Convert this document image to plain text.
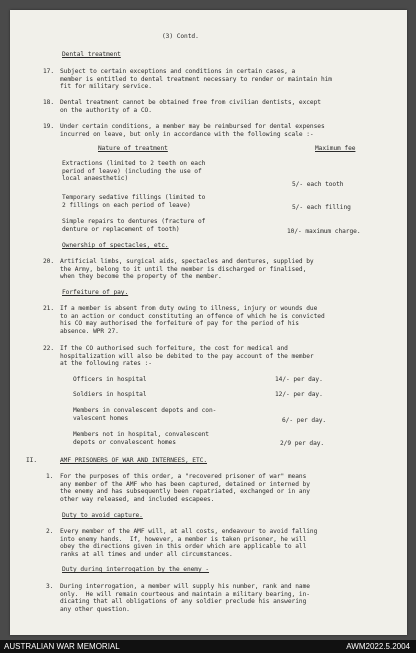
(3) Contd.
Dental treatment
17. Subject to certain exceptions and conditions in certain cases, a
member is entitled to dental treatment necessary to render or maintain him
fit for military service.
18. Dental treatment cannot be obtained free from civilian dentists, except
on the authority of a CO.
19. Under certain conditions, a member may be reimbursed for dental expenses
incurred on leave, but only in accordance with the following scale :-
Nature of treatment	Maximum fee
Extractions (limited to 2 teeth on each
period of leave) (including the use of
local anaesthetic)
5/- each tooth
Temporary sedative fillings (limited to
2 fillings on each period of leave)	5/- each filling
Simple repairs to dentures (fracture of
denture or replacement of tooth)	10/- maximum charge.
Ownership of spectacles, etc.
20. Artificial limbs, surgical aids, spectacles and dentures, supplied by
the Army, belong to it until the member is discharged or finalised,
when they become the property of the member.
Forfeiture of pay.
21. If a member is absent from duty owing to illness, injury or wounds due
to an action or conduct constituting an offence of which he is convicted
his CO may authorised the forfeiture of pay for the period of his
absence. WPR 27.
22. If the CO authorised such forfeiture, the cost for medical and
hospitalization will also be debited to the pay account of the member
at the following rates :-
Officers in hospital	14/- per day.
Soldiers in hospital	12/- per day.
Members in convalescent depots and con-
valescent homes	6/- per day.
Members not in hospital, convalescent
depots or convalescent homes	2/9 per day.
II.	AMF PRISONERS OF WAR AND INTERNEES, ETC.
1. For the purposes of this order, a "recovered prisoner of war" means
any member of the AMF who has been captured, detained or interned by
the enemy and has subsequently been repatriated, exchanged or in any
other way released, and included escapees.
Duty to avoid capture.
2. Every member of the AMF will, at all costs, endeavour to avoid falling
into enemy hands.  If, however, a member is taken prisoner, he will
obey the directions given in this order which are applicable to all
ranks at all times and under all circumstances.
Duty during interrogation by the enemy -
3. During interrogation, a member will supply his number, rank and name
only.  He will remain courteous and maintain a military bearing, in-
dicating that all obligations of any soldier preclude his answering
any other question.
AUSTRALIAN WAR MEMORIAL	AWM2022.5.2004
